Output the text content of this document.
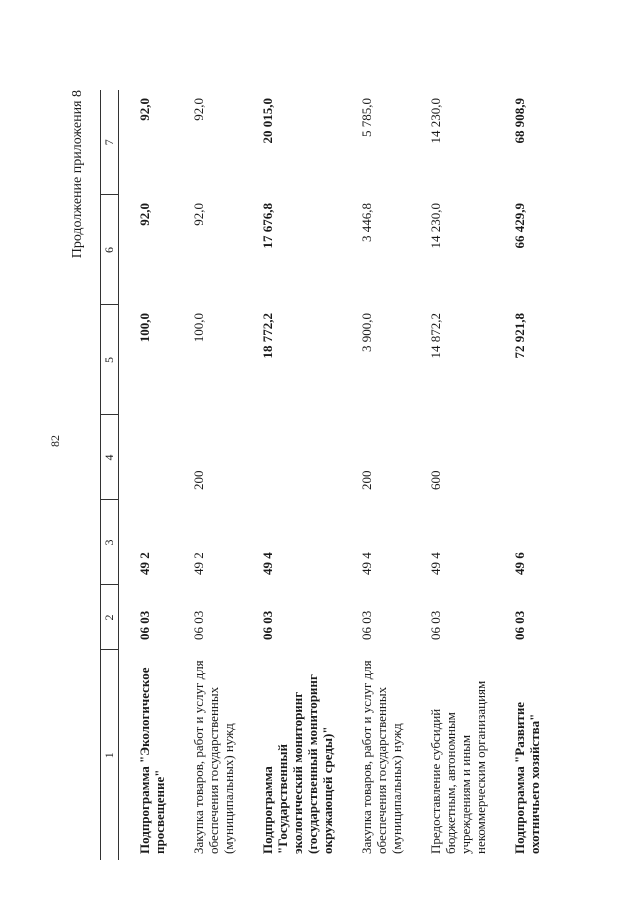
82
Продолжение приложения 8
1	2	3	4	5	6	7
Подпрограмма "Экологическое просвещение"	06 03	49 2		100,0	92,0	92,0
Закупка товаров, работ и услуг для обеспечения государственных (муниципальных) нужд	06 03	49 2	200	100,0	92,0	92,0
Подпрограмма "Государственный экологический мониторинг (государственный мониторинг окружающей среды)"	06 03	49 4		18 772,2	17 676,8	20 015,0
Закупка товаров, работ и услуг для обеспечения государственных (муниципальных) нужд	06 03	49 4	200	3 900,0	3 446,8	5 785,0
Предоставление субсидий бюджетным, автономным учреждениям и иным некоммерческим организациям	06 03	49 4	600	14 872,2	14 230,0	14 230,0
Подпрограмма "Развитие охотничьего хозяйства"	06 03	49 6		72 921,8	66 429,9	68 908,9
